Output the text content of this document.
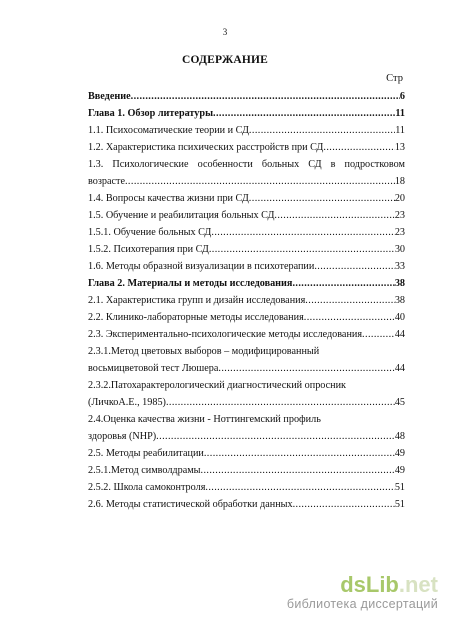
3
СОДЕРЖАНИЕ
Стр
Введение .....	6
Глава 1. Обзор литературы .....	11
1.1. Психосоматические теории и СД .....	11
1.2. Характеристика психических расстройств при СД .....	13
1.3. Психологические особенности больных СД в подростковом
возрасте .....	18
1.4. Вопросы качества жизни при СД .....	20
1.5. Обучение и реабилитация больных СД .....	23
1.5.1. Обучение больных СД .....	23
1.5.2. Психотерапия при СД .....	30
1.6. Методы образной визуализации в психотерапии .....	33
Глава 2. Материалы и методы исследования .....	38
2.1. Характеристика групп и дизайн исследования .....	38
2.2. Клинико-лабораторные методы исследования .....	40
2.3. Экспериментально-психологические методы исследования .....	44
2.3.1.Метод цветовых выборов – модифицированный
восьмицветовой тест Люшера .....	44
2.3.2.Патохарактерологический диагностический опросник
(ЛичкоА.Е., 1985) .....	45
2.4.Оценка качества жизни - Ноттингемский профиль
здоровья (NHP) .....	48
2.5. Методы реабилитации .....	49
2.5.1.Метод символдрамы .....	49
2.5.2. Школа самоконтроля .....	51
2.6. Методы статистической обработки данных .....	51
dsLib.net
библиотека диссертаций
